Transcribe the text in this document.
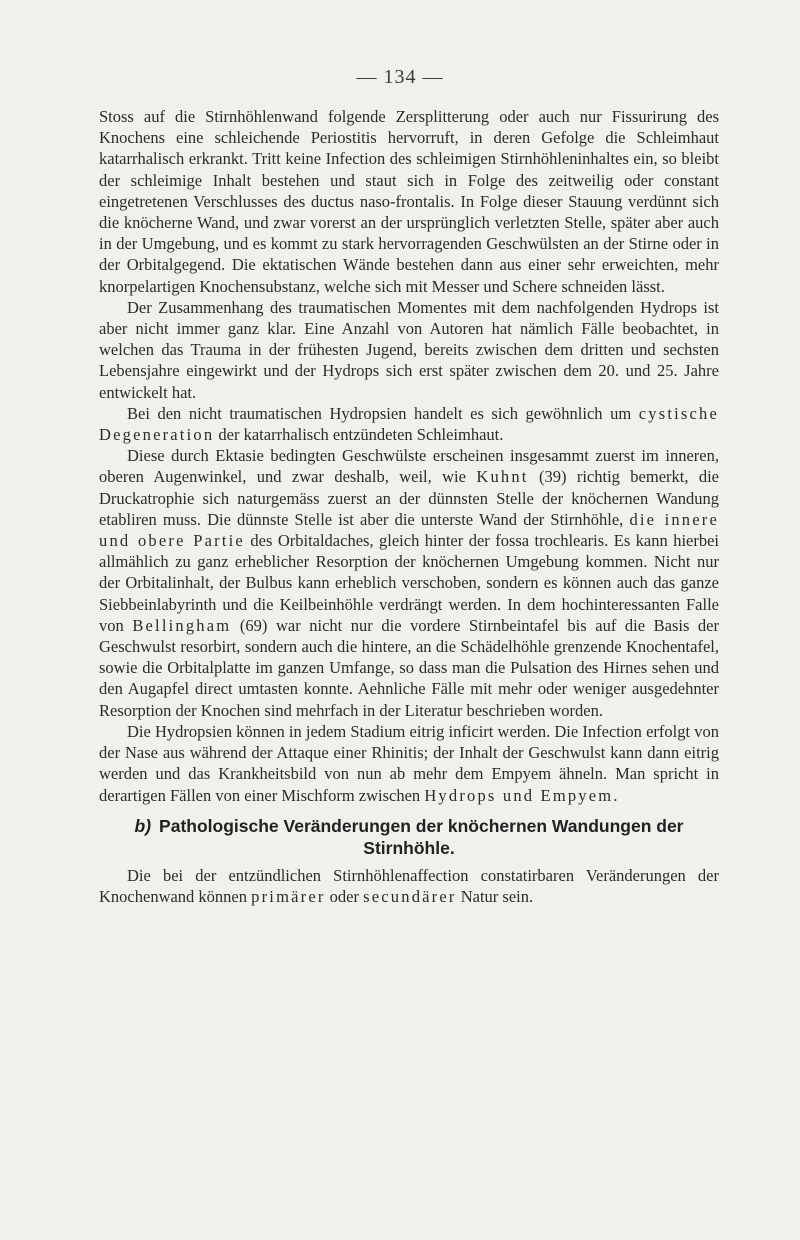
— 134 —

Stoss auf die Stirnhöhlenwand folgende Zersplitterung oder auch nur Fissurirung des Knochens eine schleichende Periostitis hervorruft, in deren Gefolge die Schleimhaut katarrhalisch erkrankt. Tritt keine Infection des schleimigen Stirnhöhleninhaltes ein, so bleibt der schleimige Inhalt bestehen und staut sich in Folge des zeitweilig oder constant eingetretenen Verschlusses des ductus naso-frontalis. In Folge dieser Stauung verdünnt sich die knöcherne Wand, und zwar vorerst an der ursprünglich verletzten Stelle, später aber auch in der Umgebung, und es kommt zu stark hervorragenden Geschwülsten an der Stirne oder in der Orbitalgegend. Die ektatischen Wände bestehen dann aus einer sehr erweichten, mehr knorpelartigen Knochensubstanz, welche sich mit Messer und Schere schneiden lässt.

Der Zusammenhang des traumatischen Momentes mit dem nachfolgenden Hydrops ist aber nicht immer ganz klar. Eine Anzahl von Autoren hat nämlich Fälle beobachtet, in welchen das Trauma in der frühesten Jugend, bereits zwischen dem dritten und sechsten Lebensjahre eingewirkt und der Hydrops sich erst später zwischen dem 20. und 25. Jahre entwickelt hat.

Bei den nicht traumatischen Hydropsien handelt es sich gewöhnlich um cystische Degeneration der katarrhalisch entzündeten Schleimhaut.

Diese durch Ektasie bedingten Geschwülste erscheinen insgesammt zuerst im inneren, oberen Augenwinkel, und zwar deshalb, weil, wie Kuhnt (39) richtig bemerkt, die Druckatrophie sich naturgemäss zuerst an der dünnsten Stelle der knöchernen Wandung etabliren muss. Die dünnste Stelle ist aber die unterste Wand der Stirnhöhle, die innere und obere Partie des Orbitaldaches, gleich hinter der fossa trochlearis. Es kann hierbei allmählich zu ganz erheblicher Resorption der knöchernen Umgebung kommen. Nicht nur der Orbitalinhalt, der Bulbus kann erheblich verschoben, sondern es können auch das ganze Siebbeinlabyrinth und die Keilbeinhöhle verdrängt werden. In dem hochinteressanten Falle von Bellingham (69) war nicht nur die vordere Stirnbeintafel bis auf die Basis der Geschwulst resorbirt, sondern auch die hintere, an die Schädelhöhle grenzende Knochentafel, sowie die Orbitalplatte im ganzen Umfange, so dass man die Pulsation des Hirnes sehen und den Augapfel direct umtasten konnte. Aehnliche Fälle mit mehr oder weniger ausgedehnter Resorption der Knochen sind mehrfach in der Literatur beschrieben worden.

Die Hydropsien können in jedem Stadium eitrig inficirt werden. Die Infection erfolgt von der Nase aus während der Attaque einer Rhinitis; der Inhalt der Geschwulst kann dann eitrig werden und das Krankheitsbild von nun ab mehr dem Empyem ähneln. Man spricht in derartigen Fällen von einer Mischform zwischen Hydrops und Empyem.

b) Pathologische Veränderungen der knöchernen Wandungen der Stirnhöhle.

Die bei der entzündlichen Stirnhöhlenaffection constatirbaren Veränderungen der Knochenwand können primärer oder secundärer Natur sein.
